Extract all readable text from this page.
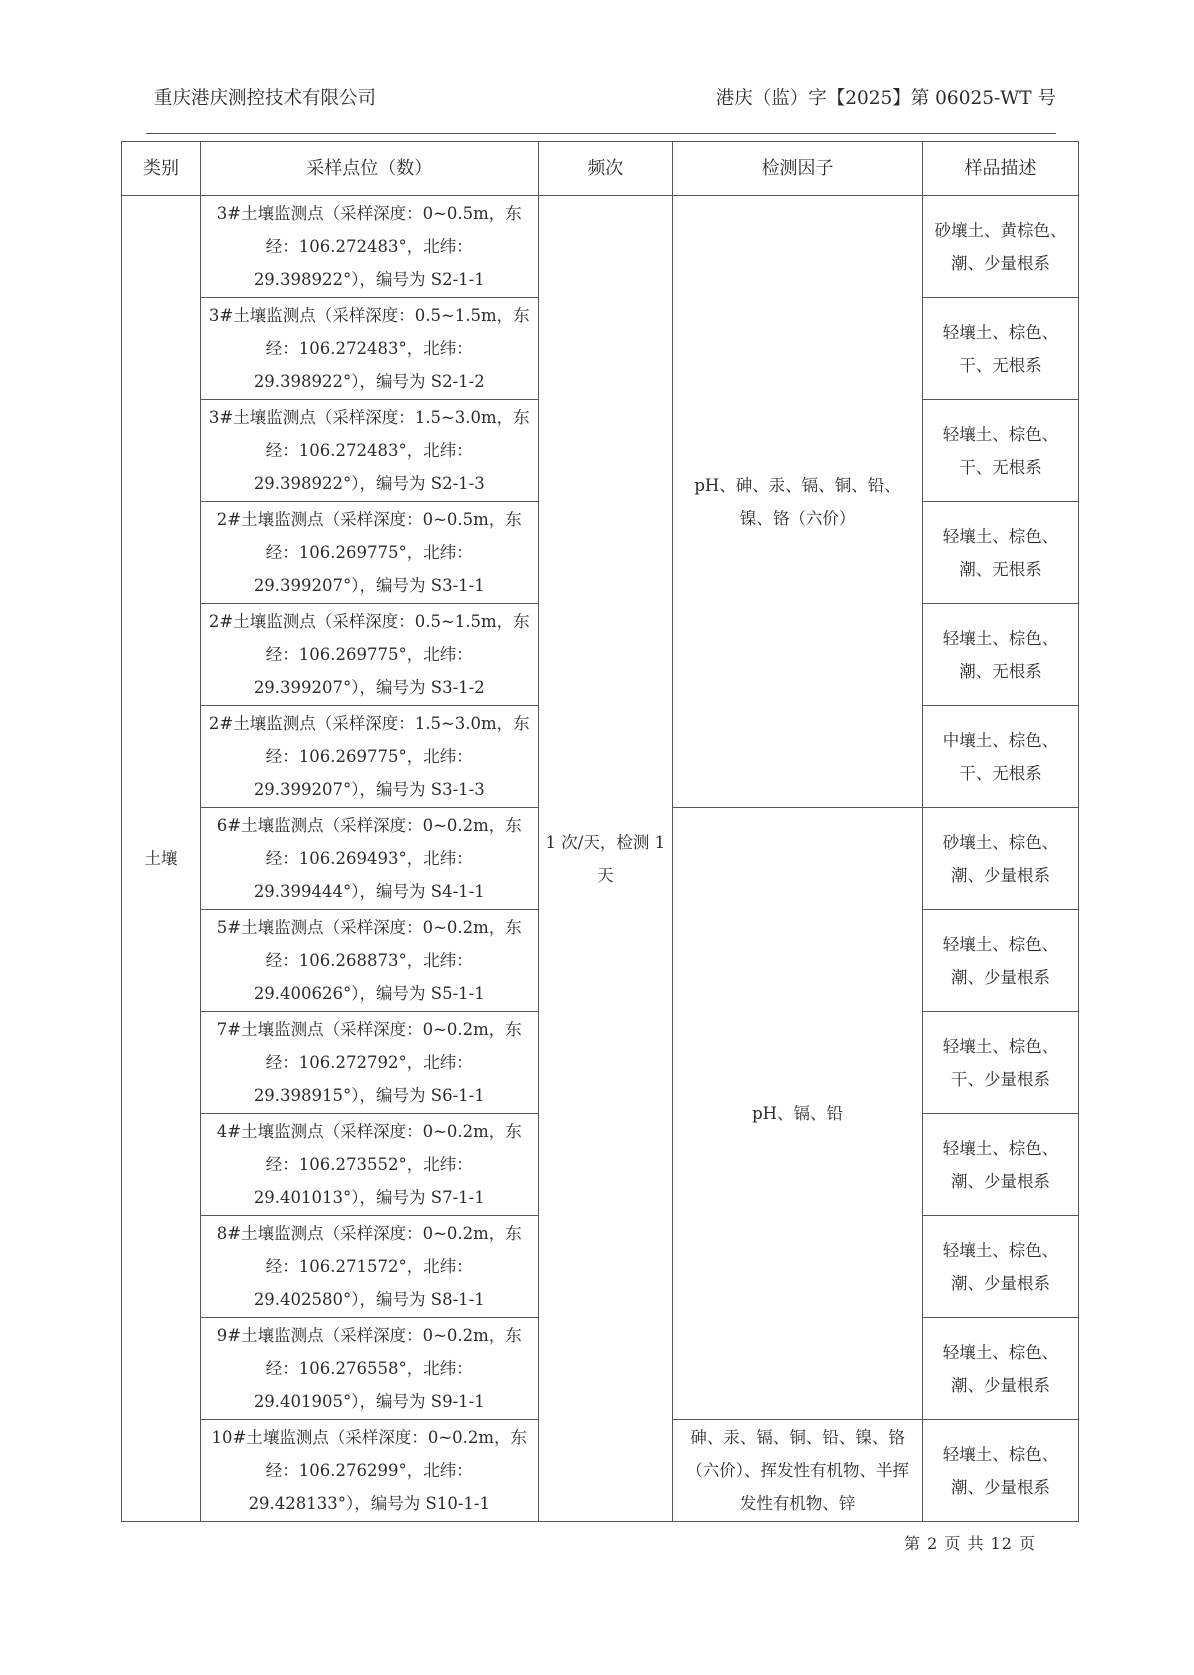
重庆港庆测控技术有限公司	港庆（监）字【2025】第 06025-WT 号
类别	采样点位（数）	频次	检测因子	样品描述
土壤	3#土壤监测点（采样深度：0~0.5m，东经：106.272483°，北纬：29.398922°），编号为 S2-1-1	1 次/天，检测 1 天	pH、砷、汞、镉、铜、铅、镍、铬（六价）	砂壤土、黄棕色、潮、少量根系
	3#土壤监测点（采样深度：0.5~1.5m，东经：106.272483°，北纬：29.398922°），编号为 S2-1-2			轻壤土、棕色、干、无根系
	3#土壤监测点（采样深度：1.5~3.0m，东经：106.272483°，北纬：29.398922°），编号为 S2-1-3			轻壤土、棕色、干、无根系
	2#土壤监测点（采样深度：0~0.5m，东经：106.269775°，北纬：29.399207°），编号为 S3-1-1			轻壤土、棕色、潮、无根系
	2#土壤监测点（采样深度：0.5~1.5m，东经：106.269775°，北纬：29.399207°），编号为 S3-1-2			轻壤土、棕色、潮、无根系
	2#土壤监测点（采样深度：1.5~3.0m，东经：106.269775°，北纬：29.399207°），编号为 S3-1-3			中壤土、棕色、干、无根系
	6#土壤监测点（采样深度：0~0.2m，东经：106.269493°，北纬：29.399444°），编号为 S4-1-1		pH、镉、铅	砂壤土、棕色、潮、少量根系
	5#土壤监测点（采样深度：0~0.2m，东经：106.268873°，北纬：29.400626°），编号为 S5-1-1			轻壤土、棕色、潮、少量根系
	7#土壤监测点（采样深度：0~0.2m，东经：106.272792°，北纬：29.398915°），编号为 S6-1-1			轻壤土、棕色、干、少量根系
	4#土壤监测点（采样深度：0~0.2m，东经：106.273552°，北纬：29.401013°），编号为 S7-1-1			轻壤土、棕色、潮、少量根系
	8#土壤监测点（采样深度：0~0.2m，东经：106.271572°，北纬：29.402580°），编号为 S8-1-1			轻壤土、棕色、潮、少量根系
	9#土壤监测点（采样深度：0~0.2m，东经：106.276558°，北纬：29.401905°），编号为 S9-1-1			轻壤土、棕色、潮、少量根系
	10#土壤监测点（采样深度：0~0.2m，东经：106.276299°，北纬：29.428133°），编号为 S10-1-1		砷、汞、镉、铜、铅、镍、铬（六价）、挥发性有机物、半挥发性有机物、锌	轻壤土、棕色、潮、少量根系
第 2 页 共 12 页
